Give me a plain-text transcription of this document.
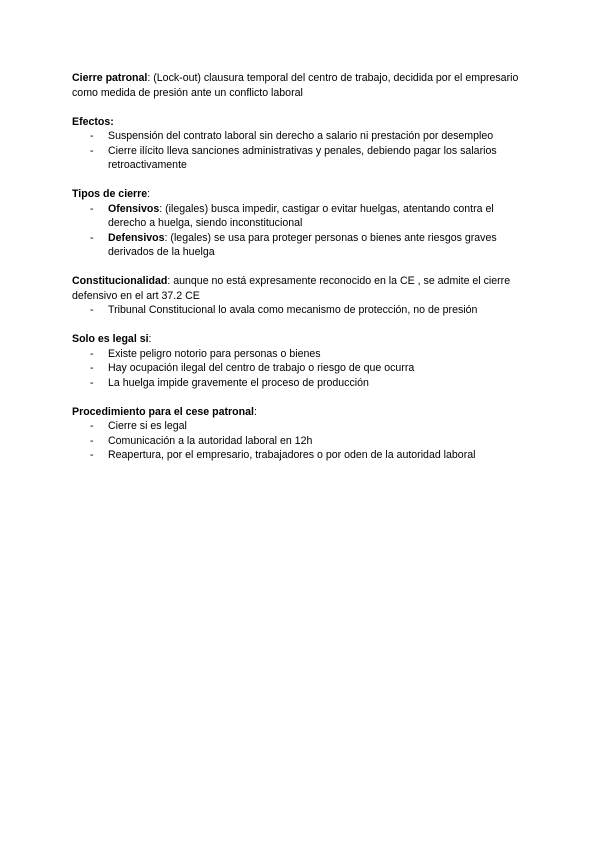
Cierre patronal: (Lock-out) clausura temporal del centro de trabajo, decidida por el empresario como medida de presión ante un conflicto laboral

Efectos:

- Suspensión del contrato laboral sin derecho a salario ni prestación por desempleo
- Cierre ilícito lleva sanciones administrativas y penales, debiendo pagar los salarios retroactivamente

Tipos de cierre:

- Ofensivos: (ilegales) busca impedir, castigar o evitar huelgas, atentando contra el derecho a huelga, siendo inconstitucional
- Defensivos: (legales) se usa para proteger personas o bienes ante riesgos graves derivados de la huelga

Constitucionalidad: aunque no está expresamente reconocido en la CE , se admite el cierre defensivo en el art 37.2 CE

- Tribunal Constitucional lo avala como mecanismo de protección, no de presión

Solo es legal si:

- Existe peligro notorio para personas o bienes
- Hay ocupación ilegal del centro de trabajo o riesgo de que ocurra
- La huelga impide gravemente el proceso de producción

Procedimiento para el cese patronal:

- Cierre si es legal
- Comunicación a la autoridad laboral en 12h
- Reapertura, por el empresario, trabajadores o por oden de la autoridad laboral
